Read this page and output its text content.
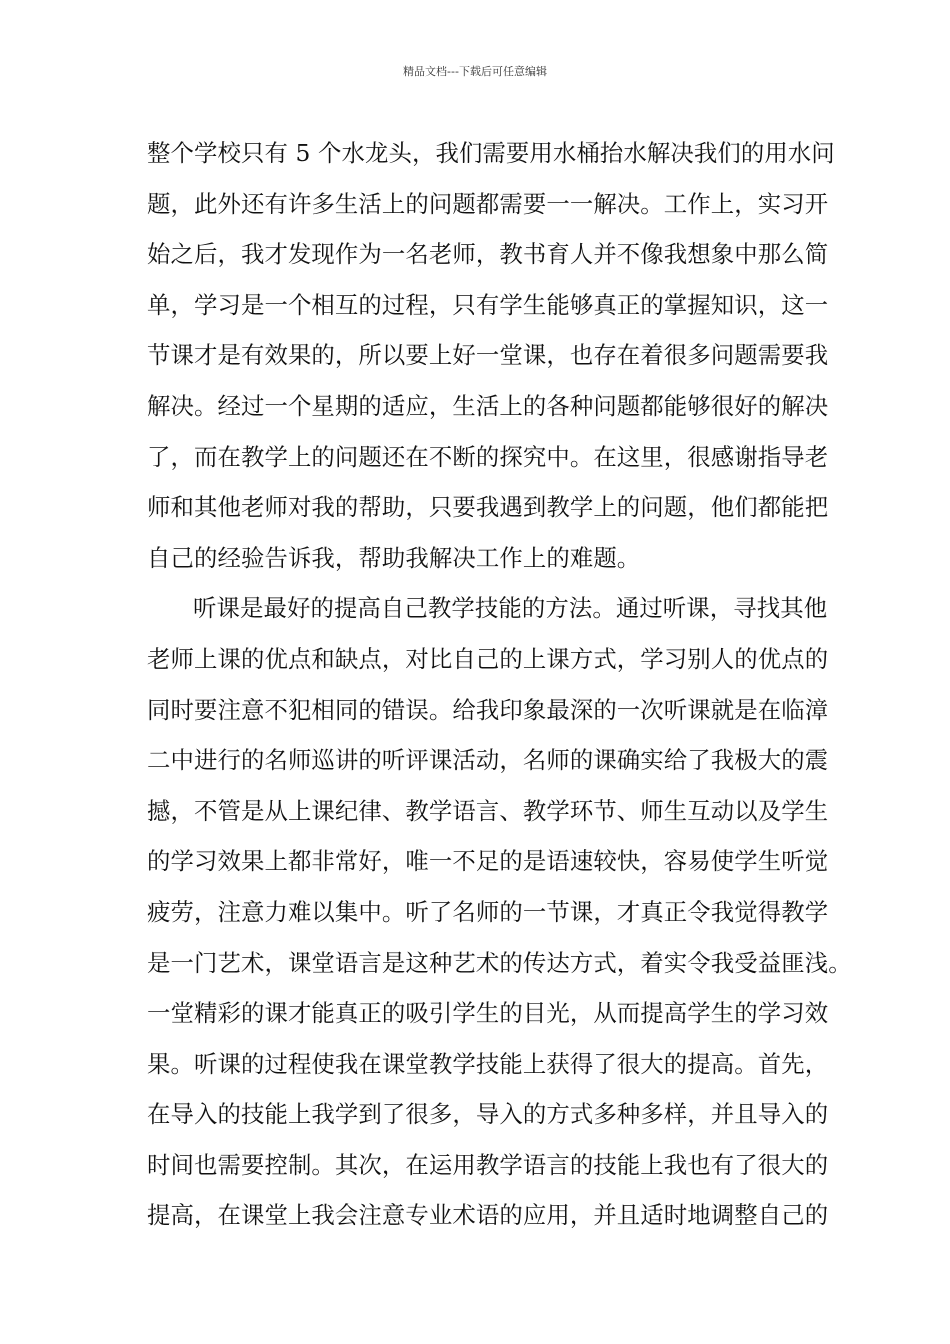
精品文档---下载后可任意编辑
整个学校只有 5 个水龙头，我们需要用水桶抬水解决我们的用水问
题，此外还有许多生活上的问题都需要一一解决。工作上，实习开
始之后，我才发现作为一名老师，教书育人并不像我想象中那么简
单，学习是一个相互的过程，只有学生能够真正的掌握知识，这一
节课才是有效果的，所以要上好一堂课，也存在着很多问题需要我
解决。经过一个星期的适应，生活上的各种问题都能够很好的解决
了，而在教学上的问题还在不断的探究中。在这里，很感谢指导老
师和其他老师对我的帮助，只要我遇到教学上的问题，他们都能把
自己的经验告诉我，帮助我解决工作上的难题。
听课是最好的提高自己教学技能的方法。通过听课，寻找其他
老师上课的优点和缺点，对比自己的上课方式，学习别人的优点的
同时要注意不犯相同的错误。给我印象最深的一次听课就是在临漳
二中进行的名师巡讲的听评课活动，名师的课确实给了我极大的震
撼，不管是从上课纪律、教学语言、教学环节、师生互动以及学生
的学习效果上都非常好，唯一不足的是语速较快，容易使学生听觉
疲劳，注意力难以集中。听了名师的一节课，才真正令我觉得教学
是一门艺术，课堂语言是这种艺术的传达方式，着实令我受益匪浅。
一堂精彩的课才能真正的吸引学生的目光，从而提高学生的学习效
果。听课的过程使我在课堂教学技能上获得了很大的提高。首先，
在导入的技能上我学到了很多，导入的方式多种多样，并且导入的
时间也需要控制。其次，在运用教学语言的技能上我也有了很大的
提高，在课堂上我会注意专业术语的应用，并且适时地调整自己的
